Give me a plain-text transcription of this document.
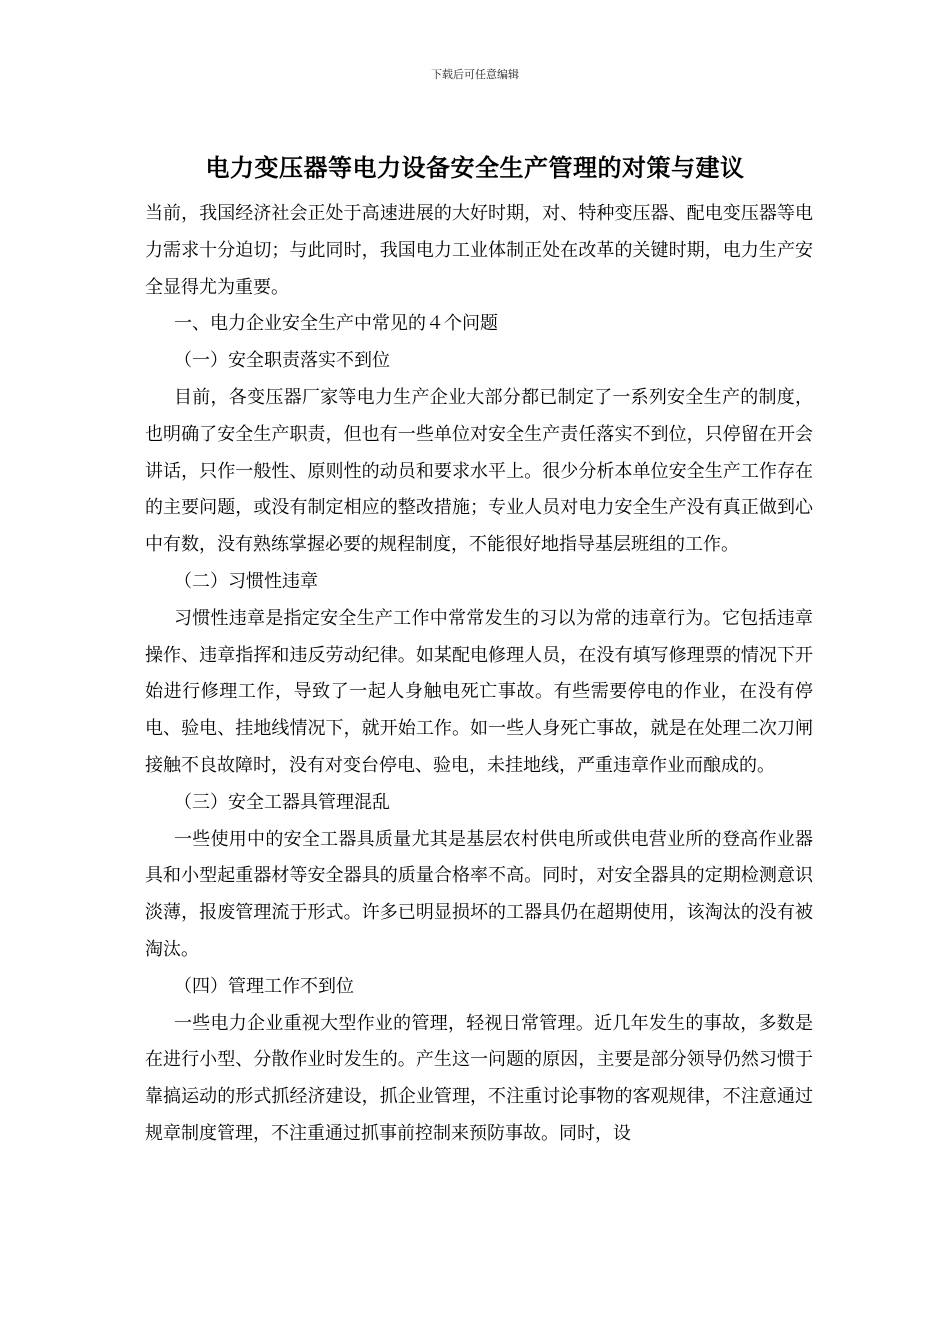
下载后可任意编辑
电力变压器等电力设备安全生产管理的对策与建议

当前，我国经济社会正处于高速进展的大好时期，对、特种变压器、配电变压器等电力需求十分迫切；与此同时，我国电力工业体制正处在改革的关键时期，电力生产安全显得尤为重要。

一、电力企业安全生产中常见的４个问题

（一）安全职责落实不到位

目前，各变压器厂家等电力生产企业大部分都已制定了一系列安全生产的制度，也明确了安全生产职责，但也有一些单位对安全生产责任落实不到位，只停留在开会讲话，只作一般性、原则性的动员和要求水平上。很少分析本单位安全生产工作存在的主要问题，或没有制定相应的整改措施；专业人员对电力安全生产没有真正做到心中有数，没有熟练掌握必要的规程制度，不能很好地指导基层班组的工作。

（二）习惯性违章

习惯性违章是指定安全生产工作中常常发生的习以为常的违章行为。它包括违章操作、违章指挥和违反劳动纪律。如某配电修理人员，在没有填写修理票的情况下开始进行修理工作，导致了一起人身触电死亡事故。有些需要停电的作业，在没有停电、验电、挂地线情况下，就开始工作。如一些人身死亡事故，就是在处理二次刀闸接触不良故障时，没有对变台停电、验电，未挂地线，严重违章作业而酿成的。

（三）安全工器具管理混乱

一些使用中的安全工器具质量尤其是基层农村供电所或供电营业所的登高作业器具和小型起重器材等安全器具的质量合格率不高。同时，对安全器具的定期检测意识淡薄，报废管理流于形式。许多已明显损坏的工器具仍在超期使用，该淘汰的没有被淘汰。

（四）管理工作不到位

一些电力企业重视大型作业的管理，轻视日常管理。近几年发生的事故，多数是在进行小型、分散作业时发生的。产生这一问题的原因，主要是部分领导仍然习惯于靠搞运动的形式抓经济建设，抓企业管理，不注重讨论事物的客观规律，不注意通过规章制度管理，不注重通过抓事前控制来预防事故。同时，设
